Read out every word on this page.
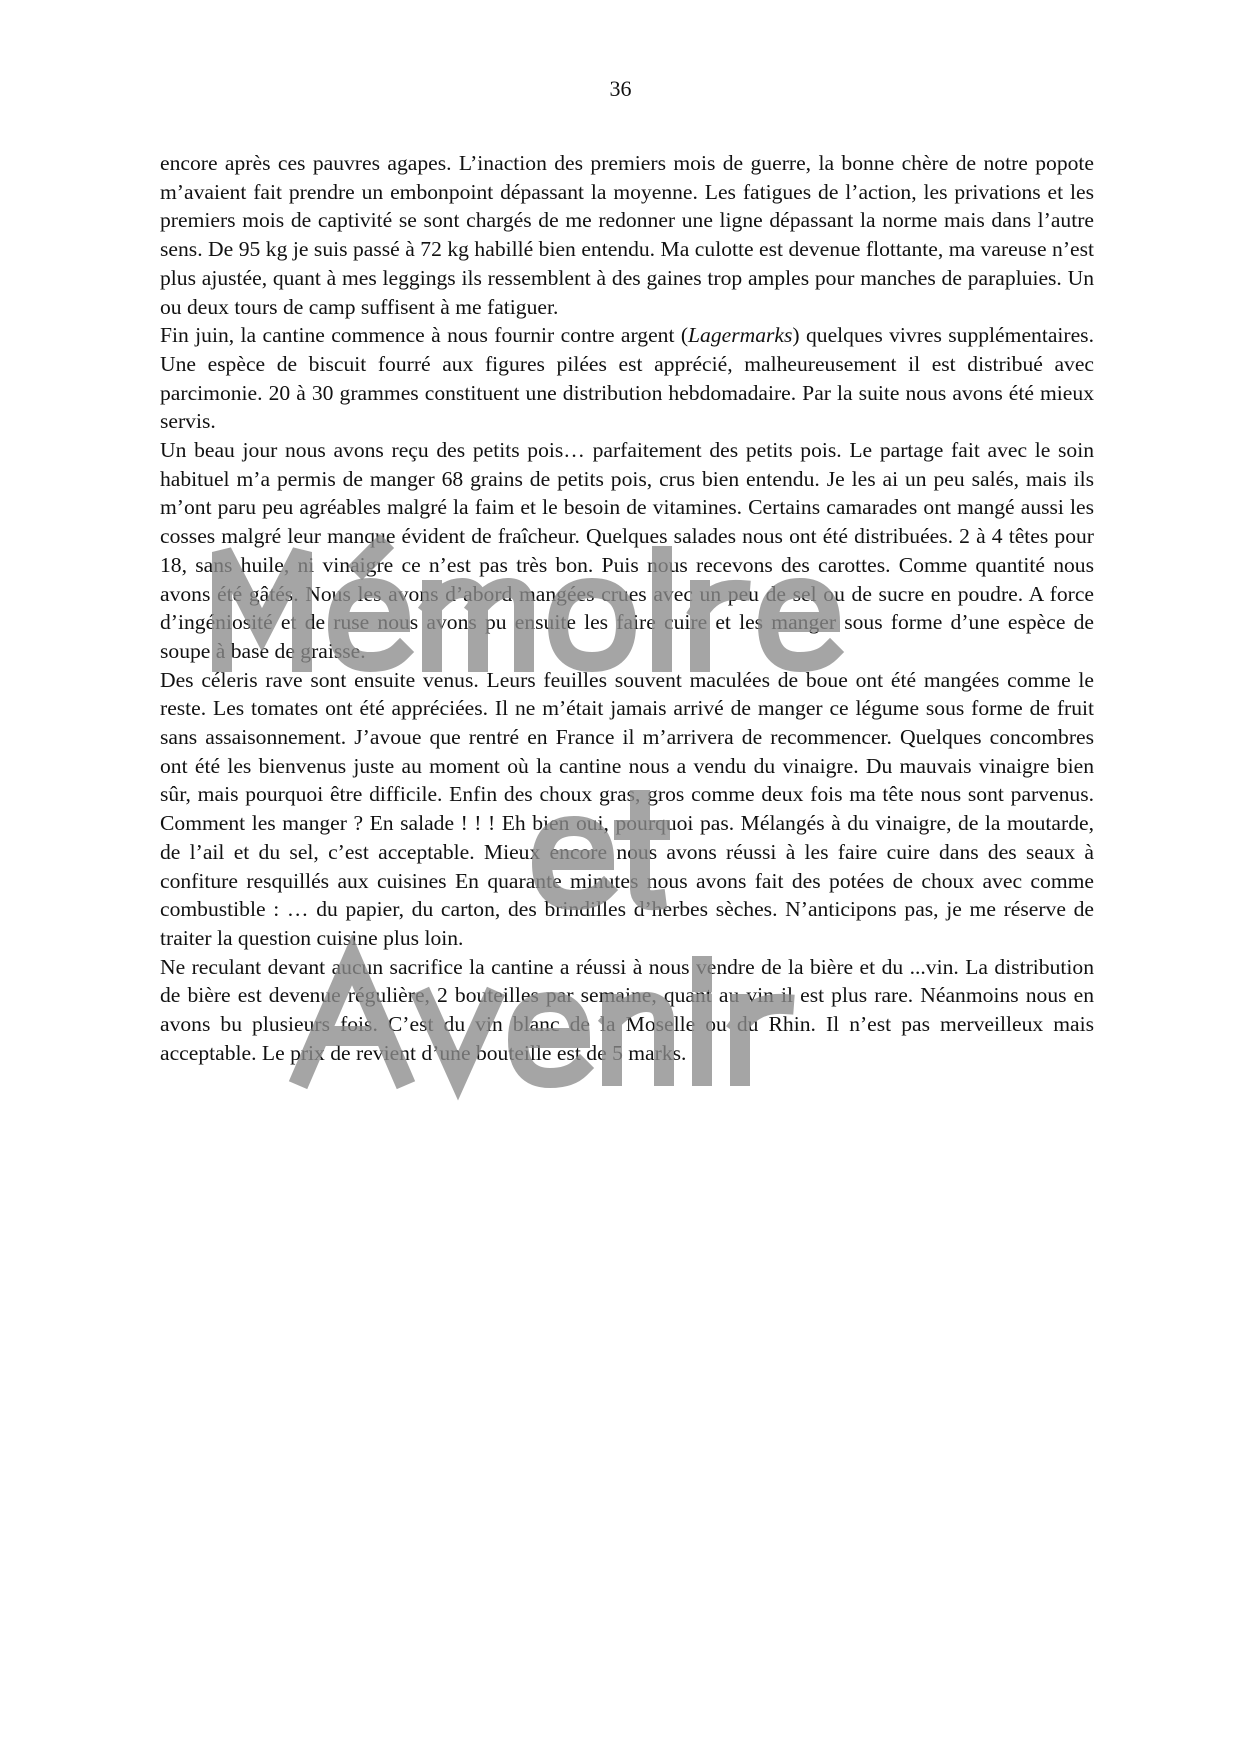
36

encore après ces pauvres agapes. L’inaction des premiers mois de guerre, la bonne chère de notre popote m’avaient fait prendre un embonpoint dépassant la moyenne. Les fatigues de l’action, les privations et les premiers mois de captivité se sont chargés de me redonner une ligne dépassant la norme mais dans l’autre sens. De 95 kg je suis passé à 72 kg habillé bien entendu. Ma culotte est devenue flottante, ma vareuse n’est plus ajustée, quant à mes leggings ils ressemblent à des gaines trop amples pour manches de parapluies. Un ou deux tours de camp suffisent à me fatiguer.

Fin juin, la cantine commence à nous fournir contre argent (Lagermarks) quelques vivres supplémentaires. Une espèce de biscuit fourré aux figures pilées est apprécié, malheureusement il est distribué avec parcimonie. 20 à 30 grammes constituent une distribution hebdomadaire. Par la suite nous avons été mieux servis.

Un beau jour nous avons reçu des petits pois… parfaitement des petits pois. Le partage fait avec le soin habituel m’a permis de manger 68 grains de petits pois, crus bien entendu. Je les ai un peu salés, mais ils m’ont paru peu agréables malgré la faim et le besoin de vitamines. Certains camarades ont mangé aussi les cosses malgré leur manque évident de fraîcheur. Quelques salades nous ont été distribuées. 2 à 4 têtes pour 18, sans huile, ni vinaigre ce n’est pas très bon. Puis nous recevons des carottes. Comme quantité nous avons été gâtés. Nous les avons d’abord mangées crues avec un peu de sel ou de sucre en poudre. A force d’ingéniosité et de ruse nous avons pu ensuite les faire cuire et les manger sous forme d’une espèce de soupe à base de graisse.

Des céleris rave sont ensuite venus. Leurs feuilles souvent maculées de boue ont été mangées comme le reste. Les tomates ont été appréciées. Il ne m’était jamais arrivé de manger ce légume sous forme de fruit sans assaisonnement. J’avoue que rentré en France il m’arrivera de recommencer. Quelques concombres ont été les bienvenus juste au moment où la cantine nous a vendu du vinaigre. Du mauvais vinaigre bien sûr, mais pourquoi être difficile. Enfin des choux gras, gros comme deux fois ma tête nous sont parvenus. Comment les manger ? En salade ! ! ! Eh bien oui, pourquoi pas. Mélangés à du vinaigre, de la moutarde, de l’ail et du sel, c’est acceptable. Mieux encore nous avons réussi à les faire cuire dans des seaux à confiture resquillés aux cuisines En quarante minutes nous avons fait des potées de choux avec comme combustible : … du papier, du carton, des brindilles d’herbes sèches. N’anticipons pas, je me réserve de traiter la question cuisine plus loin.

Ne reculant devant aucun sacrifice la cantine a réussi à nous vendre de la bière et du ...vin. La distribution de bière est devenue régulière, 2 bouteilles par semaine, quant au vin il est plus rare. Néanmoins nous en avons bu plusieurs fois. C’est du vin blanc de la Moselle ou du Rhin. Il n’est pas merveilleux mais acceptable. Le prix de revient d’une bouteille est de 5 marks.
